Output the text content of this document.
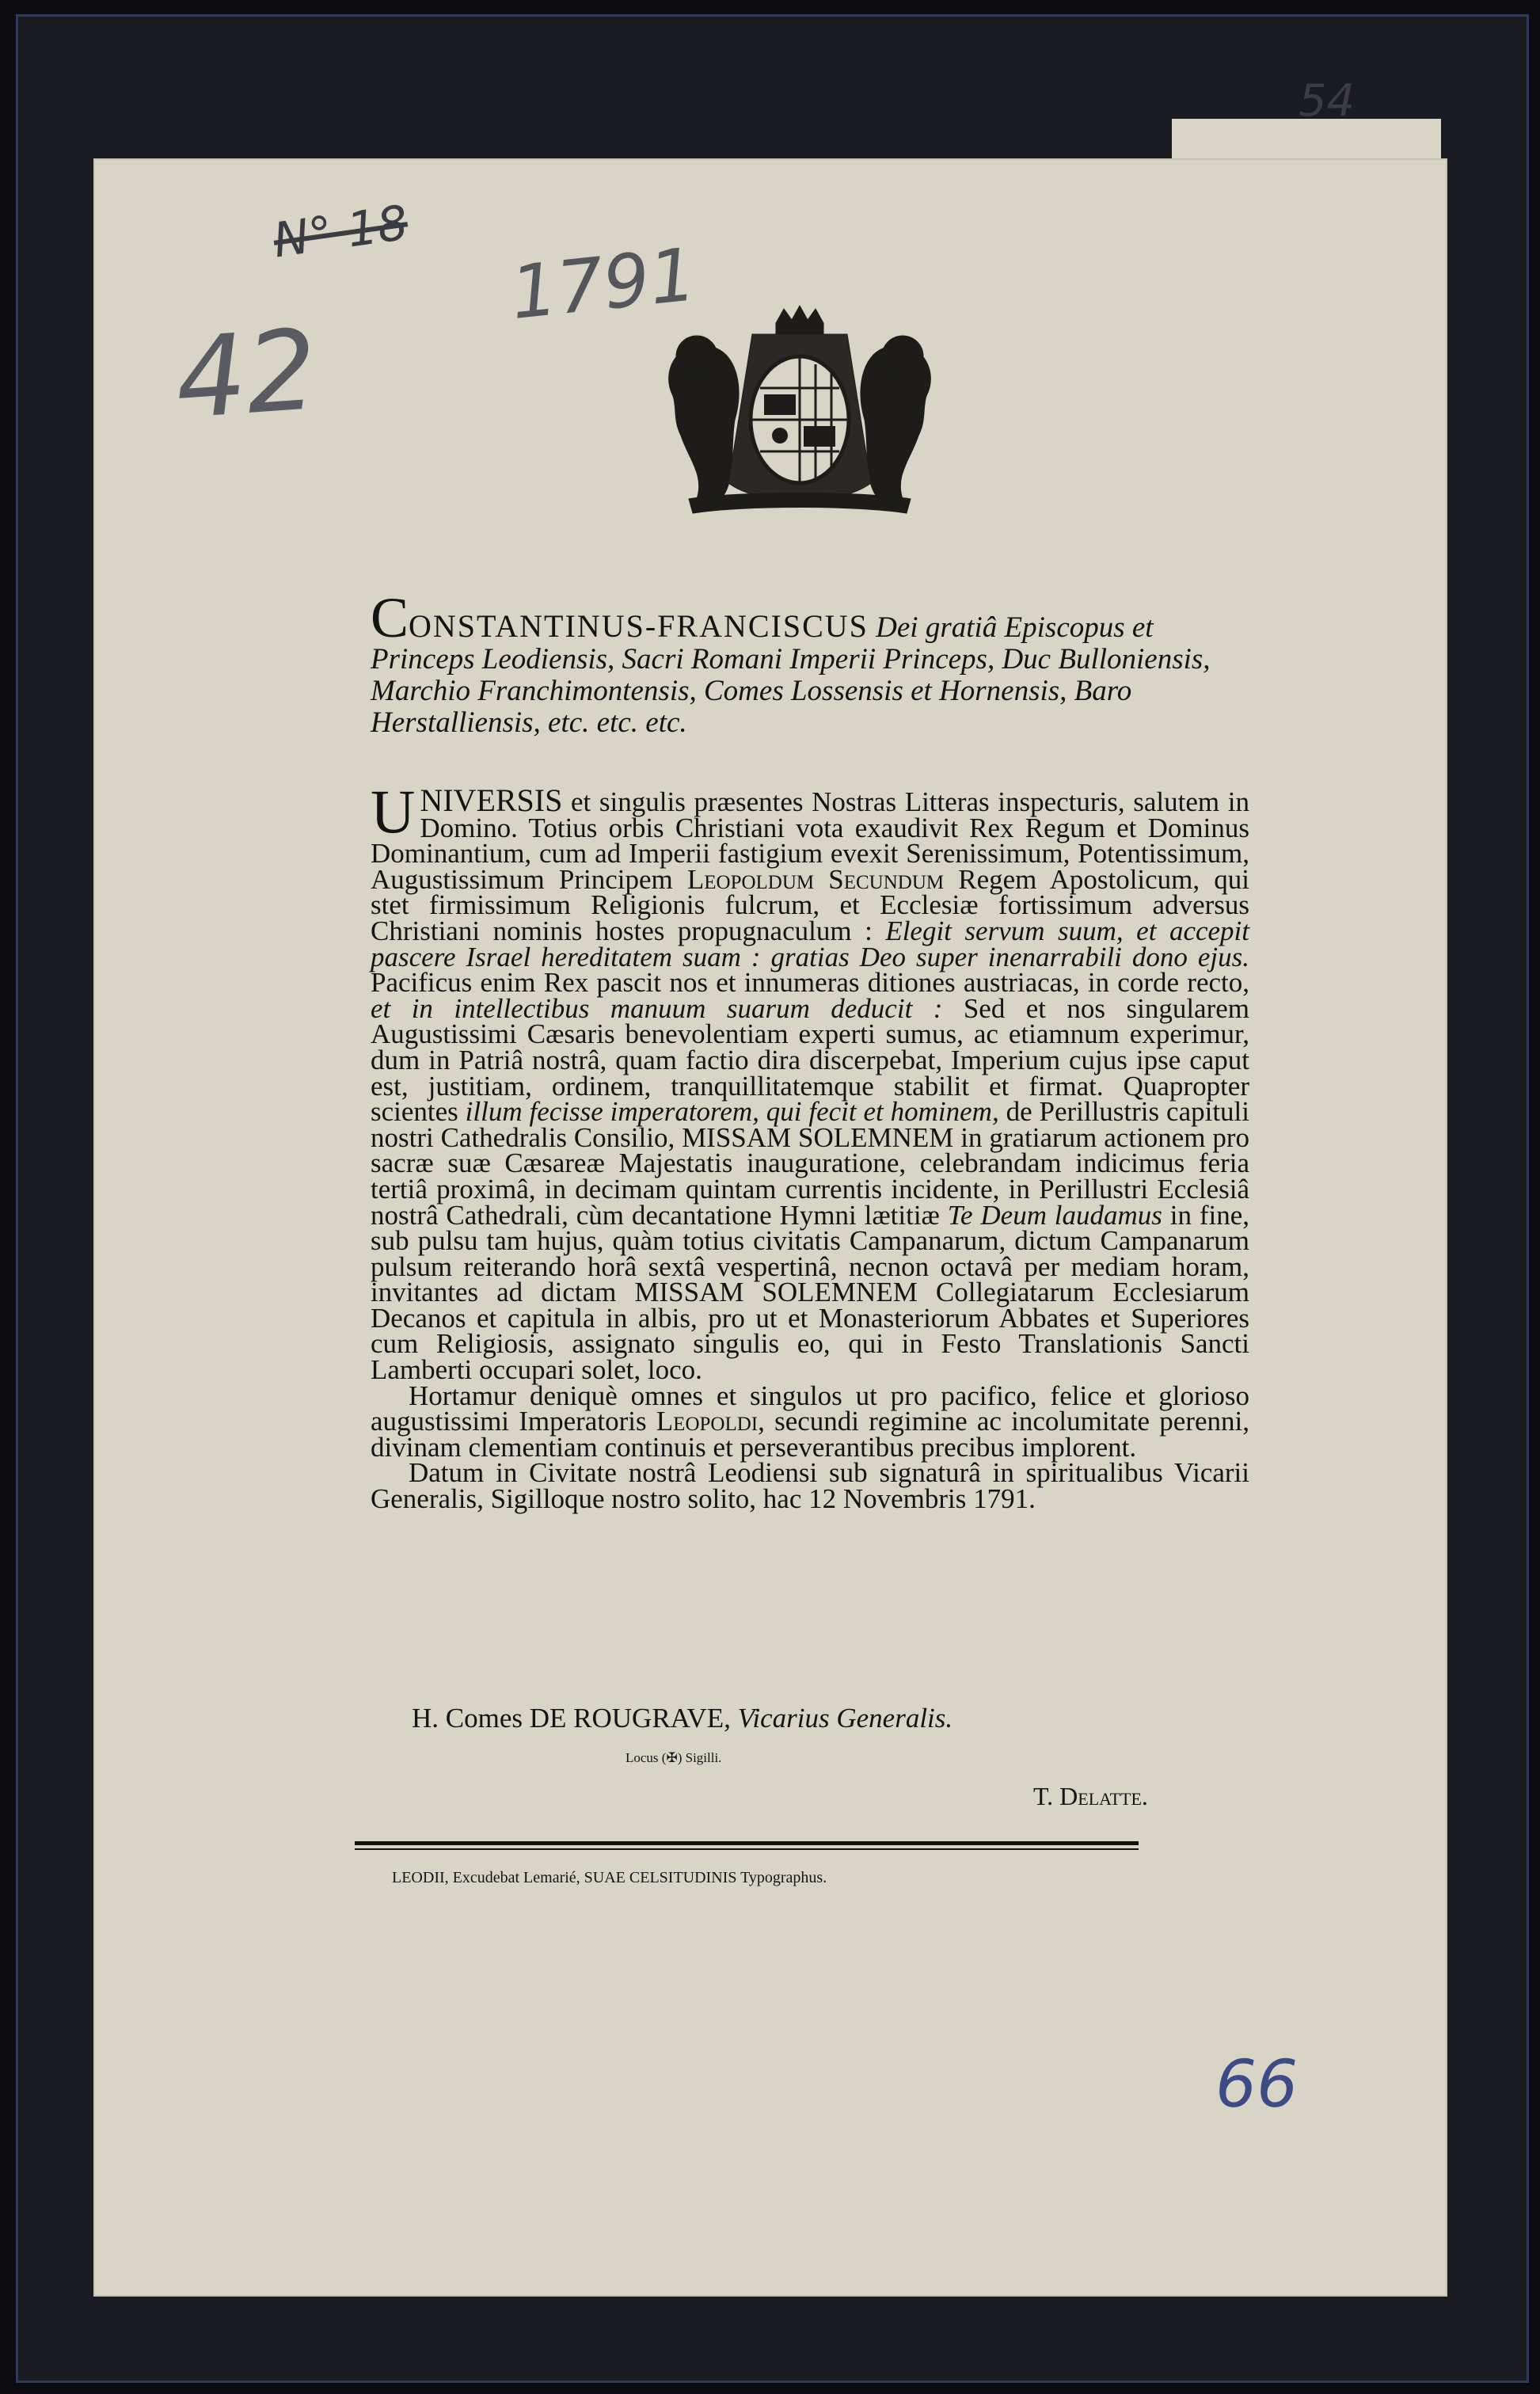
54
N° 18
1791
42
66
CONSTANTINUS-FRANCISCUS Dei gratiâ Episcopus et Princeps Leodiensis, Sacri Romani Imperii Princeps, Duc Bulloniensis, Marchio Franchimontensis, Comes Lossensis et Hornensis, Baro Herstalliensis, etc. etc. etc.

UNIVERSIS et singulis præsentes Nostras Litteras inspecturis, salutem in Domino. Totius orbis Christiani vota exaudivit Rex Regum et Dominus Dominantium, cum ad Imperii fastigium evexit Serenissimum, Potentissimum, Augustissimum Principem Leopoldum Secundum Regem Apostolicum, qui stet firmissimum Religionis fulcrum, et Ecclesiæ fortissimum adversus Christiani nominis hostes propugnaculum : Elegit servum suum, et accepit pascere Israel hereditatem suam : gratias Deo super inenarrabili dono ejus. Pacificus enim Rex pascit nos et innumeras ditiones austriacas, in corde recto, et in intellectibus manuum suarum deducit : Sed et nos singularem Augustissimi Cæsaris benevolentiam experti sumus, ac etiamnum experimur, dum in Patriâ nostrâ, quam factio dira discerpebat, Imperium cujus ipse caput est, justitiam, ordinem, tranquillitatemque stabilit et firmat. Quapropter scientes illum fecisse imperatorem, qui fecit et hominem, de Perillustris capituli nostri Cathedralis Consilio, MISSAM SOLEMNEM in gratiarum actionem pro sacræ suæ Cæsareæ Majestatis inauguratione, celebrandam indicimus feria tertiâ proximâ, in decimam quintam currentis incidente, in Perillustri Ecclesiâ nostrâ Cathedrali, cùm decantatione Hymni lætitiæ Te Deum laudamus in fine, sub pulsu tam hujus, quàm totius civitatis Campanarum, dictum Campanarum pulsum reiterando horâ sextâ vespertinâ, necnon octavâ per mediam horam, invitantes ad dictam MISSAM SOLEMNEM Collegiatarum Ecclesiarum Decanos et capitula in albis, pro ut et Monasteriorum Abbates et Superiores cum Religiosis, assignato singulis eo, qui in Festo Translationis Sancti Lamberti occupari solet, loco.

Hortamur deniquè omnes et singulos ut pro pacifico, felice et glorioso augustissimi Imperatoris Leopoldi, secundi regimine ac incolumitate perenni, divinam clementiam continuis et perseverantibus precibus implorent.

Datum in Civitate nostrâ Leodiensi sub signaturâ in spiritualibus Vicarii Generalis, Sigilloque nostro solito, hac 12 Novembris 1791.

H. Comes DE ROUGRAVE, Vicarius Generalis.
Locus (✠) Sigilli.
T. Delatte.
LEODII, Excudebat Lemarié, SUAE CELSITUDINIS Typographus.
